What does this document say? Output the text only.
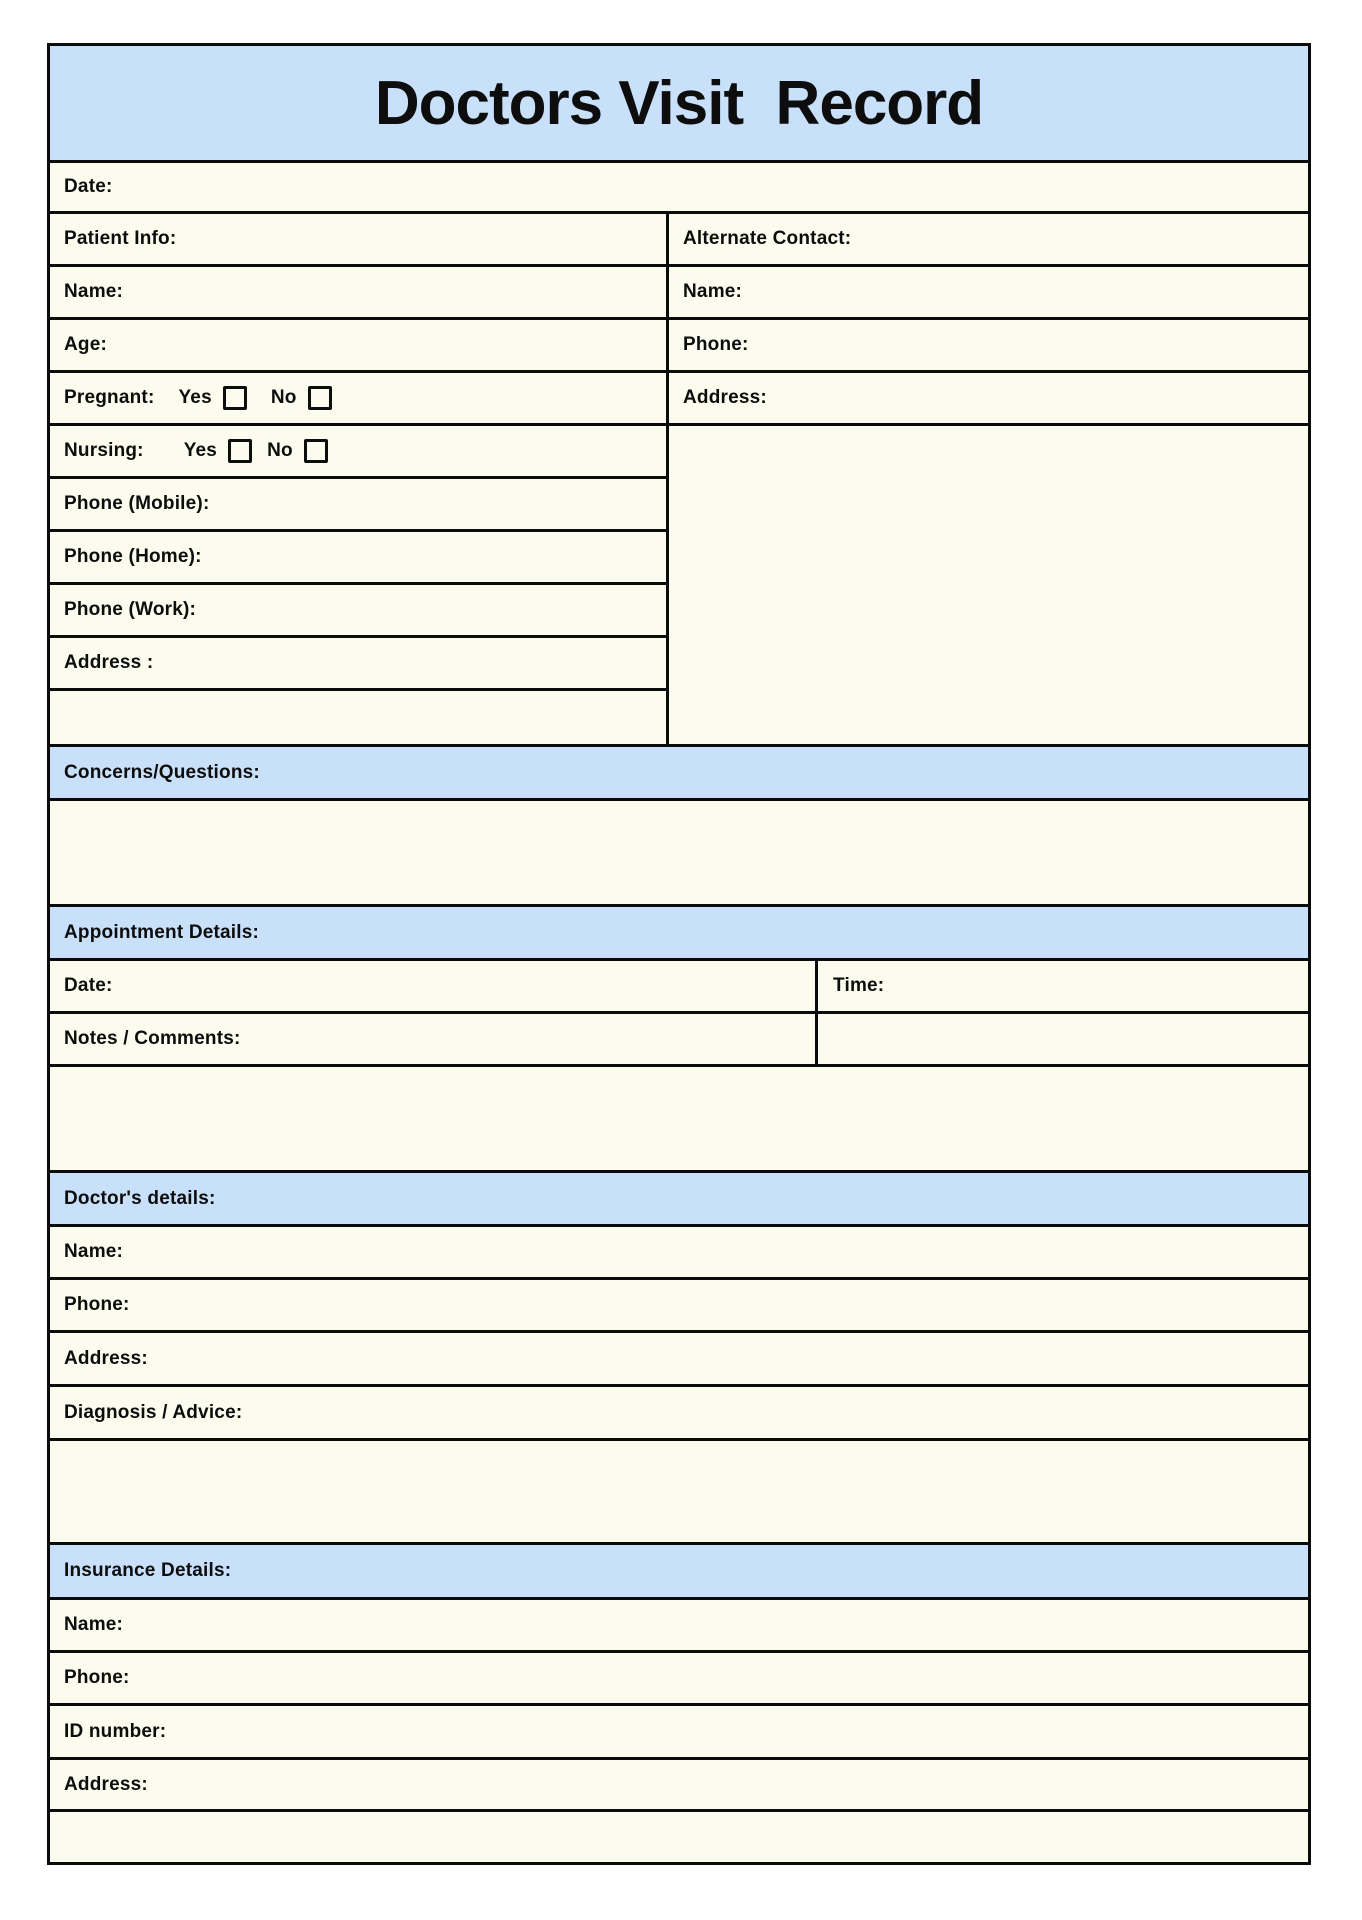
Doctors Visit  Record
Date:
Patient Info:
Name:
Age:
Pregnant: Yes	No
Nursing: Yes	No
Phone (Mobile):
Phone (Home):
Phone (Work):
Address :
Alternate Contact:
Name:
Phone:
Address:
Concerns/Questions:
Appointment Details:
Date:	Time:
Notes / Comments:
Doctor's details:
Name:
Phone:
Address:
Diagnosis / Advice:
Insurance Details:
Name:
Phone:
ID number:
Address:
